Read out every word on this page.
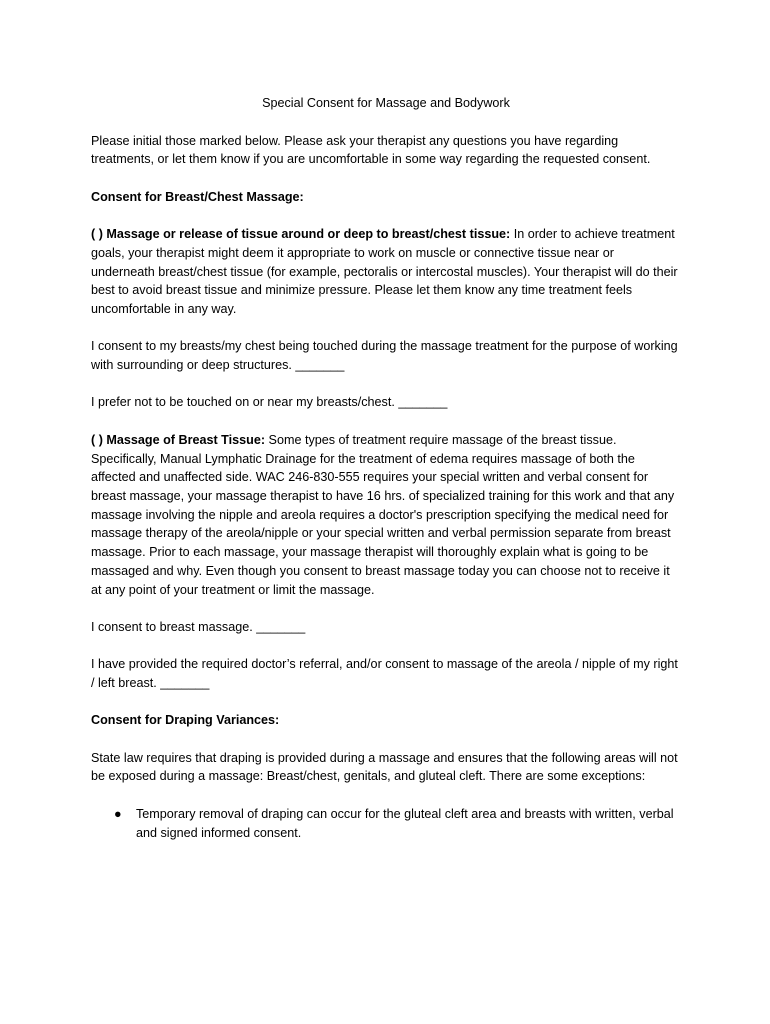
Special Consent for Massage and Bodywork

Please initial those marked below. Please ask your therapist any questions you have regarding treatments, or let them know if you are uncomfortable in some way regarding the requested consent.

Consent for Breast/Chest Massage:

( ) Massage or release of tissue around or deep to breast/chest tissue: In order to achieve treatment goals, your therapist might deem it appropriate to work on muscle or connective tissue near or underneath breast/chest tissue (for example, pectoralis or intercostal muscles). Your therapist will do their best to avoid breast tissue and minimize pressure. Please let them know any time treatment feels uncomfortable in any way.

I consent to my breasts/my chest being touched during the massage treatment for the purpose of working with surrounding or deep structures. _______

I prefer not to be touched on or near my breasts/chest. _______

( ) Massage of Breast Tissue: Some types of treatment require massage of the breast tissue. Specifically, Manual Lymphatic Drainage for the treatment of edema requires massage of both the affected and unaffected side. WAC 246-830-555 requires your special written and verbal consent for breast massage, your massage therapist to have 16 hrs. of specialized training for this work and that any massage involving the nipple and areola requires a doctor's prescription specifying the medical need for massage therapy of the areola/nipple or your special written and verbal permission separate from breast massage. Prior to each massage, your massage therapist will thoroughly explain what is going to be massaged and why. Even though you consent to breast massage today you can choose not to receive it at any point of your treatment or limit the massage.

I consent to breast massage. _______

I have provided the required doctor’s referral, and/or consent to massage of the areola / nipple of my right / left breast. _______

Consent for Draping Variances:

State law requires that draping is provided during a massage and ensures that the following areas will not be exposed during a massage: Breast/chest, genitals, and gluteal cleft. There are some exceptions:

● Temporary removal of draping can occur for the gluteal cleft area and breasts with written, verbal and signed informed consent.
